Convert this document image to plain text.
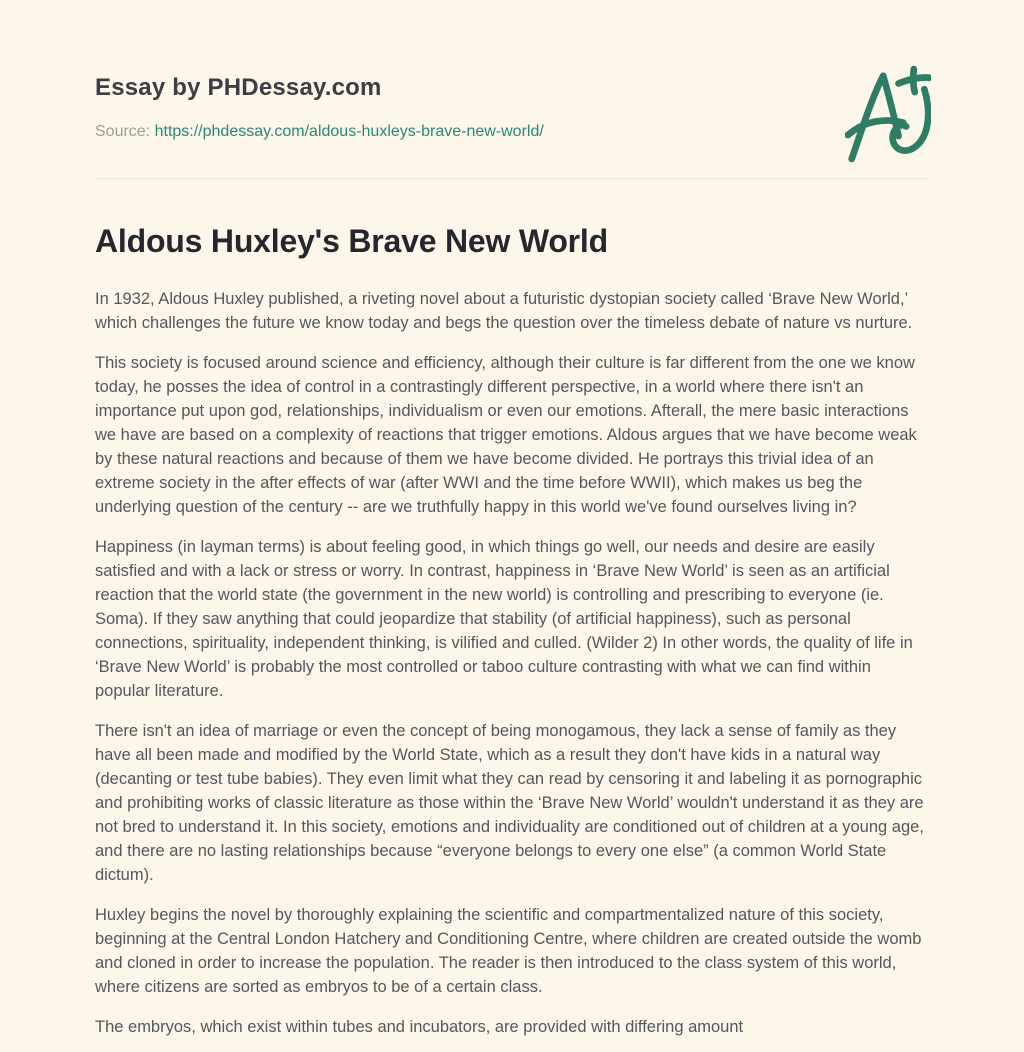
Essay by PHDessay.com
Source: https://phdessay.com/aldous-huxleys-brave-new-world/
Aldous Huxley's Brave New World

In 1932, Aldous Huxley published, a riveting novel about a futuristic dystopian society called ‘Brave New World,’ which challenges the future we know today and begs the question over the timeless debate of nature vs nurture.

This society is focused around science and efficiency, although their culture is far different from the one we know today, he posses the idea of control in a contrastingly different perspective, in a world where there isn't an importance put upon god, relationships, individualism or even our emotions. Afterall, the mere basic interactions we have are based on a complexity of reactions that trigger emotions. Aldous argues that we have become weak by these natural reactions and because of them we have become divided. He portrays this trivial idea of an extreme society in the after effects of war (after WWI and the time before WWII), which makes us beg the underlying question of the century -- are we truthfully happy in this world we've found ourselves living in?

Happiness (in layman terms) is about feeling good, in which things go well, our needs and desire are easily satisfied and with a lack or stress or worry. In contrast, happiness in ‘Brave New World’ is seen as an artificial reaction that the world state (the government in the new world) is controlling and prescribing to everyone (ie. Soma). If they saw anything that could jeopardize that stability (of artificial happiness), such as personal connections, spirituality, independent thinking, is vilified and culled. (Wilder 2) In other words, the quality of life in ‘Brave New World’ is probably the most controlled or taboo culture contrasting with what we can find within popular literature.

There isn't an idea of marriage or even the concept of being monogamous, they lack a sense of family as they have all been made and modified by the World State, which as a result they don't have kids in a natural way (decanting or test tube babies). They even limit what they can read by censoring it and labeling it as pornographic and prohibiting works of classic literature as those within the ‘Brave New World’ wouldn't understand it as they are not bred to understand it. In this society, emotions and individuality are conditioned out of children at a young age, and there are no lasting relationships because “everyone belongs to every one else” (a common World State dictum).

Huxley begins the novel by thoroughly explaining the scientific and compartmentalized nature of this society, beginning at the Central London Hatchery and Conditioning Centre, where children are created outside the womb and cloned in order to increase the population. The reader is then introduced to the class system of this world, where citizens are sorted as embryos to be of a certain class.

The embryos, which exist within tubes and incubators, are provided with differing amount
